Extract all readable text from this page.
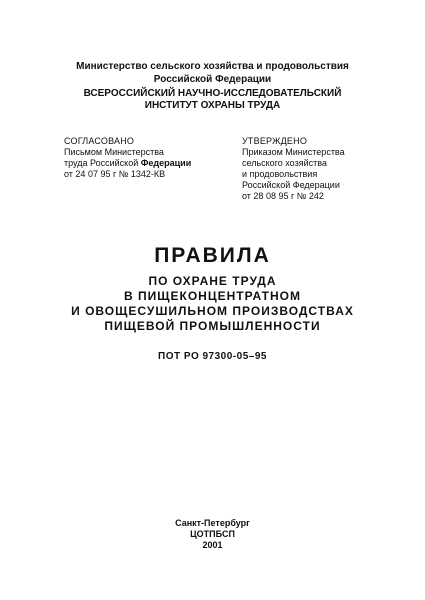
Министерство сельского хозяйства и продовольствия
Российской Федерации
ВСЕРОССИЙСКИЙ НАУЧНО-ИССЛЕДОВАТЕЛЬСКИЙ
ИНСТИТУТ ОХРАНЫ ТРУДА
СОГЛАСОВАНО
Письмом Министерства
труда Российской Федерации
от 24 07 95 г № 1342-КВ
УТВЕРЖДЕНО
Приказом Министерства
сельского хозяйства
и продовольствия
Российской Федерации
от 28 08 95 г № 242
ПРАВИЛА
ПО ОХРАНЕ ТРУДА
В ПИЩЕКОНЦЕНТРАТНОМ
И ОВОЩЕСУШИЛЬНОМ ПРОИЗВОДСТВАХ
ПИЩЕВОЙ ПРОМЫШЛЕННОСТИ
ПОТ РО 97300-05–95
Санкт-Петербург
ЦОТПБСП
2001
